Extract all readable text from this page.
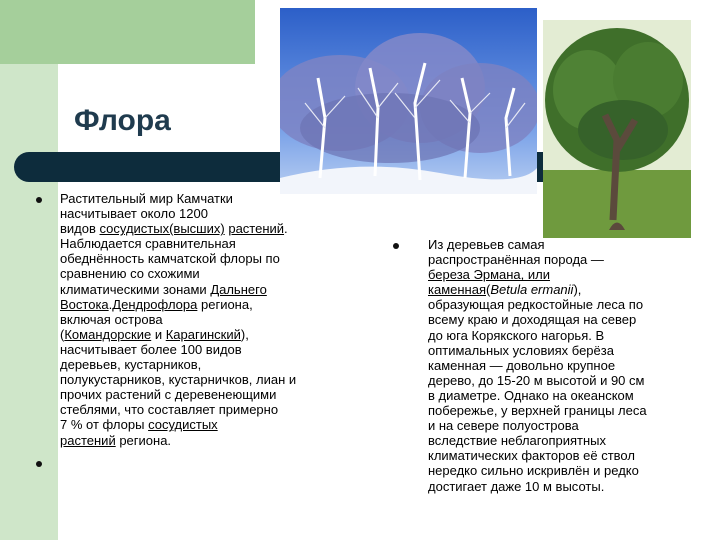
Флора
Растительный мир Камчатки
насчитывает около 1200
видов сосудистых(высших) растений.
Наблюдается сравнительная
обеднённость камчатской флоры по
сравнению со схожими
климатическими зонами Дальнего
Востока.Дендрофлора региона,
включая острова
(Командорские и Карагинский),
насчитывает более 100 видов
деревьев, кустарников,
полукустарников, кустарничков, лиан и
прочих растений с деревенеющими
стеблями, что составляет примерно
7 % от флоры сосудистых
растений региона.
Из деревьев самая
распространённая порода —
береза Эрмана, или
каменная(Betula ermanii),
образующая редкостойные леса по
всему краю и доходящая на север
до юга Корякского нагорья. В
оптимальных условиях берёза
каменная — довольно крупное
дерево, до 15-20 м высотой и 90 см
в диаметре. Однако на океанском
побережье, у верхней границы леса
и на севере полуострова
вследствие неблагоприятных
климатических факторов её ствол
нередко сильно искривлён и редко
достигает даже 10 м высоты.
